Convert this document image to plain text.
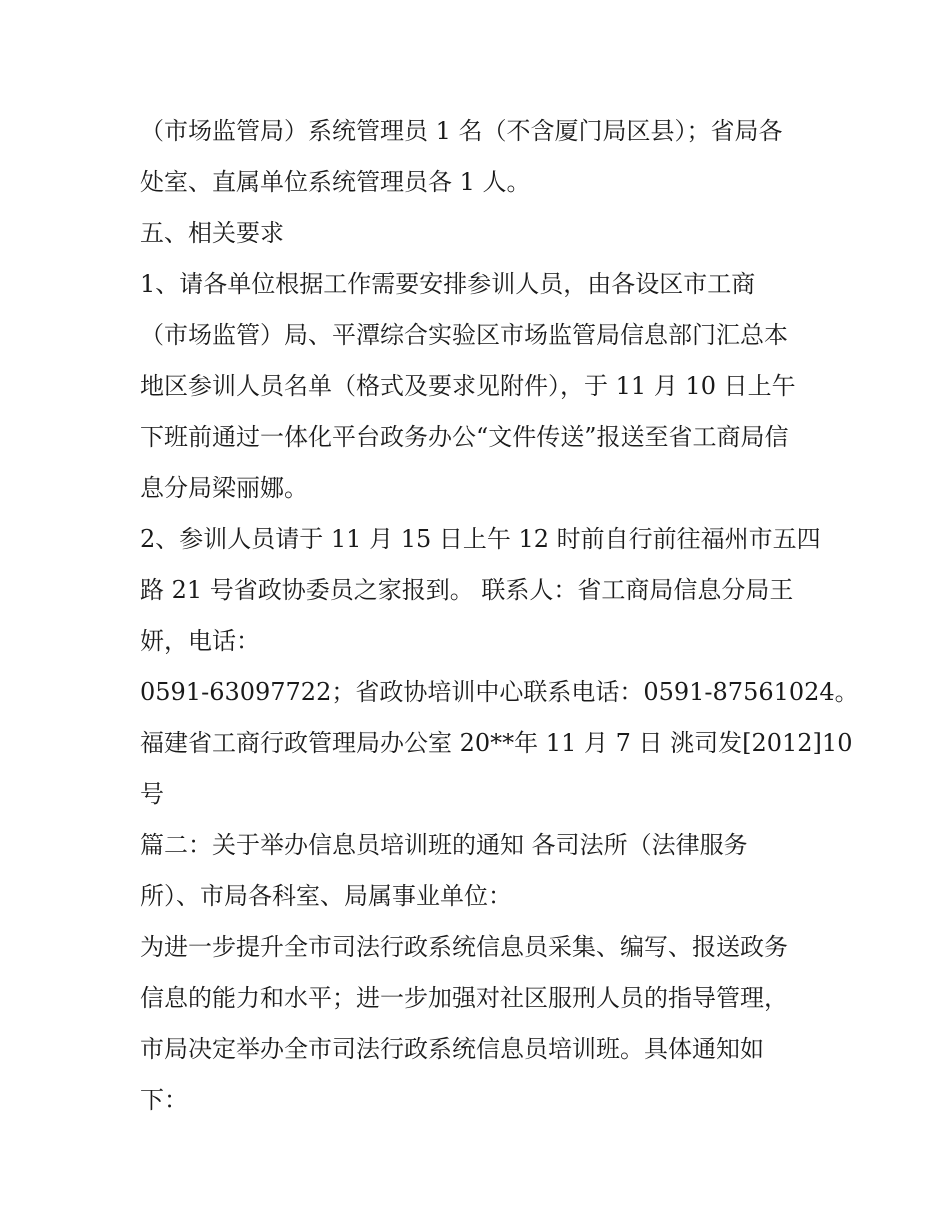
（市场监管局）系统管理员 1 名（不含厦门局区县）；省局各

处室、直属单位系统管理员各 1 人。

五、相关要求

1、请各单位根据工作需要安排参训人员，由各设区市工商

（市场监管）局、平潭综合实验区市场监管局信息部门汇总本

地区参训人员名单（格式及要求见附件），于 11 月 10 日上午

下班前通过一体化平台政务办公“文件传送”报送至省工商局信

息分局梁丽娜。

2、参训人员请于 11 月 15 日上午 12 时前自行前往福州市五四

路 21 号省政协委员之家报到。 联系人：省工商局信息分局王

妍，电话：

0591-63097722；省政协培训中心联系电话：0591-87561024。

福建省工商行政管理局办公室 20**年 11 月 7 日 洮司发[2012]10

号

篇二：关于举办信息员培训班的通知 各司法所（法律服务

所）、市局各科室、局属事业单位：

为进一步提升全市司法行政系统信息员采集、编写、报送政务

信息的能力和水平；进一步加强对社区服刑人员的指导管理，

市局决定举办全市司法行政系统信息员培训班。具体通知如

下：
